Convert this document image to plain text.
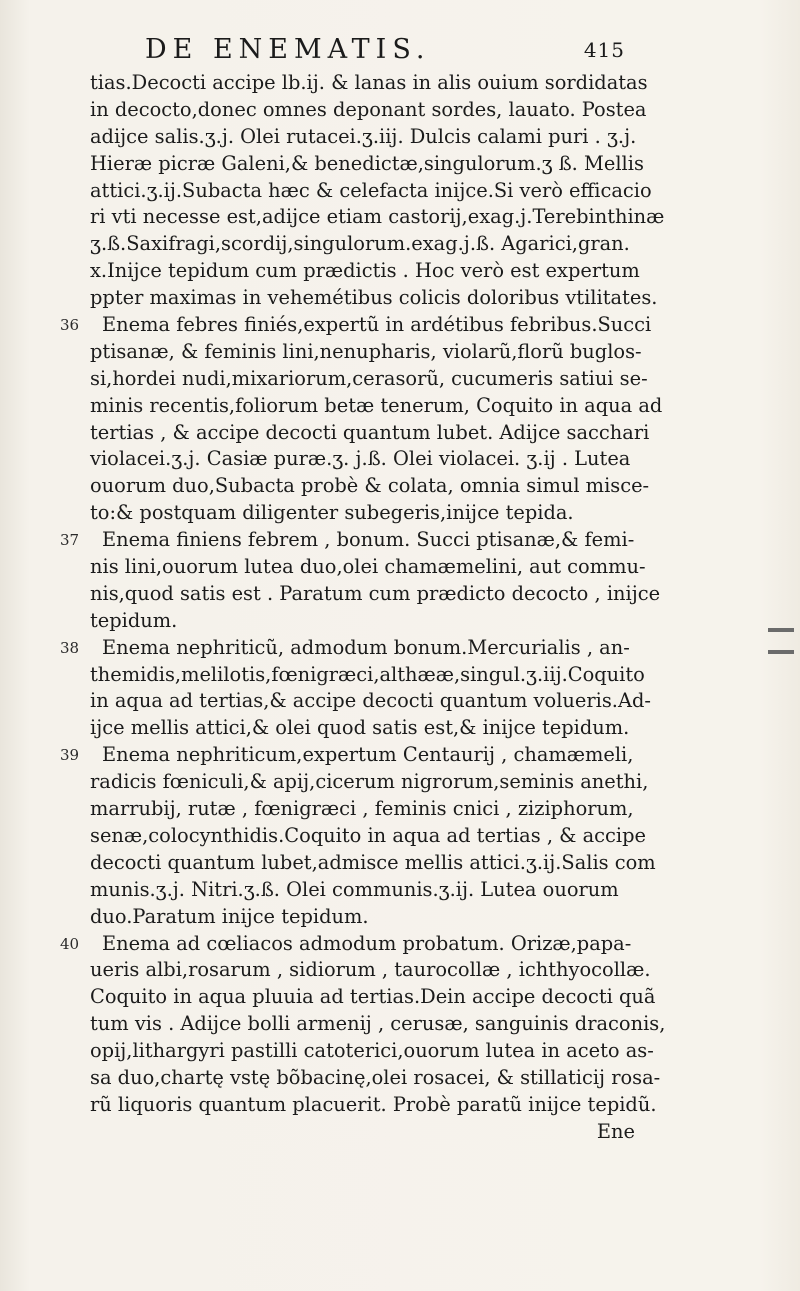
DE ENEMATIS.	415
tias.Decocti accipe lb.ij. & lanas in alis ouium sordidatas
in decocto,donec omnes deponant sordes, lauato. Postea
adijce salis.ʒ.j. Olei rutacei.ʒ.iij. Dulcis calami puri . ʒ.j.
Hieræ picræ Galeni,& benedictæ,singulorum.ʒ ß. Mellis
attici.ʒ.ij.Subacta hæc & celefacta inijce.Si verò efficacio
ri vti necesse est,adijce etiam castorij,exag.j.Terebinthinæ
ʒ.ß.Saxifragi,scordij,singulorum.exag.j.ß. Agarici,gran.
x.Inijce tepidum cum prædictis . Hoc verò est expertum
ppter maximas in vehemétibus colicis doloribus vtilitates.
36 Enema febres finiés,expertũ in ardétibus febribus.Succi
ptisanæ, & feminis lini,nenupharis, violarũ,florũ buglos-
si,hordei nudi,mixariorum,cerasorũ, cucumeris satiui se-
minis recentis,foliorum betæ tenerum, Coquito in aqua ad
tertias , & accipe decocti quantum lubet. Adijce sacchari
violacei.ʒ.j. Casiæ puræ.ʒ. j.ß. Olei violacei. ʒ.ij . Lutea
ouorum duo,Subacta probè & colata, omnia simul misce-
to:& postquam diligenter subegeris,inijce tepida.
37 Enema finiens febrem , bonum. Succi ptisanæ,& femi-
nis lini,ouorum lutea duo,olei chamæmelini, aut commu-
nis,quod satis est . Paratum cum prædicto decocto , inijce
tepidum.
38 Enema nephriticũ, admodum bonum.Mercurialis , an-
themidis,melilotis,fœnigræci,althææ,singul.ʒ.iij.Coquito
in aqua ad tertias,& accipe decocti quantum volueris.Ad-
ijce mellis attici,& olei quod satis est,& inijce tepidum.
39 Enema nephriticum,expertum Centaurij , chamæmeli,
radicis fœniculi,& apij,cicerum nigrorum,seminis anethi,
marrubij, rutæ , fœnigræci , feminis cnici , ziziphorum,
senæ,colocynthidis.Coquito in aqua ad tertias , & accipe
decocti quantum lubet,admisce mellis attici.ʒ.ij.Salis com
munis.ʒ.j. Nitri.ʒ.ß. Olei communis.ʒ.ij. Lutea ouorum
duo.Paratum inijce tepidum.
40 Enema ad cœliacos admodum probatum. Orizæ,papa-
ueris albi,rosarum , sidiorum , taurocollæ , ichthyocollæ.
Coquito in aqua pluuia ad tertias.Dein accipe decocti quã
tum vis . Adijce bolli armenij , cerusæ, sanguinis draconis,
opij,lithargyri pastilli catoterici,ouorum lutea in aceto as-
sa duo,chartę vstę bõbacinę,olei rosacei, & stillaticij rosa-
rũ liquoris quantum placuerit. Probè paratũ inijce tepidũ.
Ene
